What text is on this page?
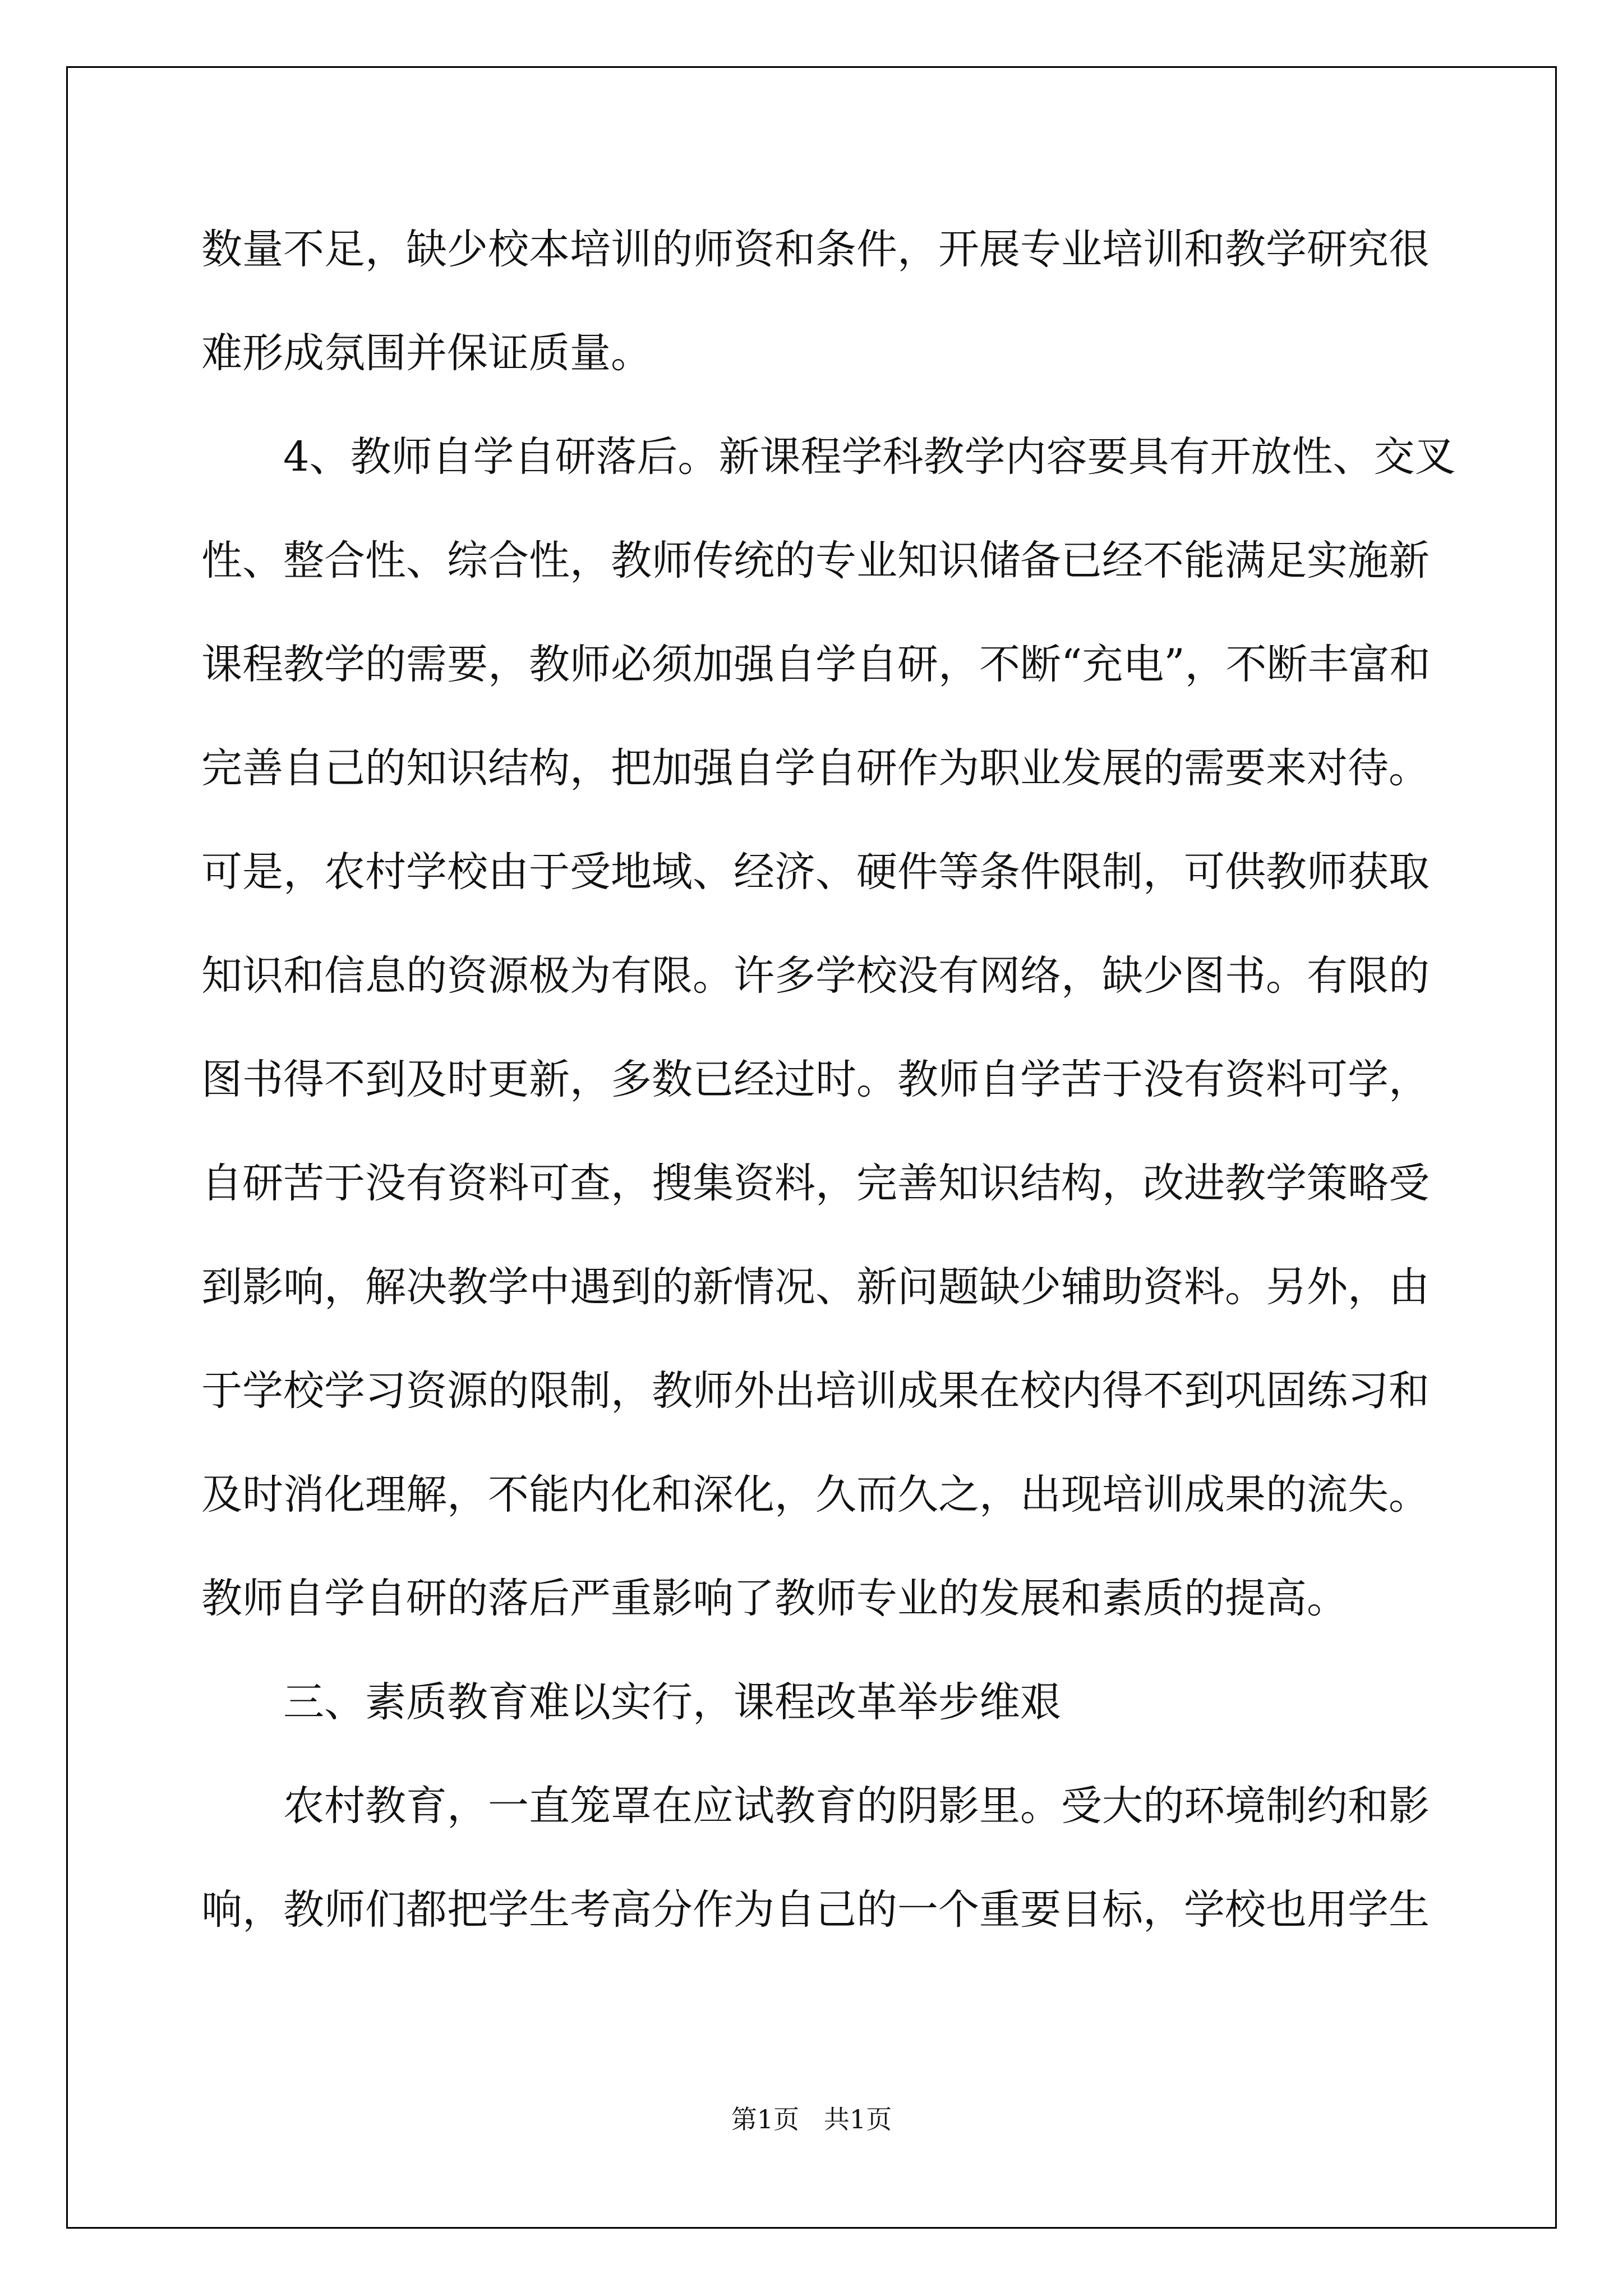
数量不足，缺少校本培训的师资和条件，开展专业培训和教学研究很

难形成氛围并保证质量。

4、教师自学自研落后。新课程学科教学内容要具有开放性、交叉

性、整合性、综合性，教师传统的专业知识储备已经不能满足实施新

课程教学的需要，教师必须加强自学自研，不断“充电”，不断丰富和

完善自己的知识结构，把加强自学自研作为职业发展的需要来对待。

可是，农村学校由于受地域、经济、硬件等条件限制，可供教师获取

知识和信息的资源极为有限。许多学校没有网络，缺少图书。有限的

图书得不到及时更新，多数已经过时。教师自学苦于没有资料可学，

自研苦于没有资料可查，搜集资料，完善知识结构，改进教学策略受

到影响，解决教学中遇到的新情况、新问题缺少辅助资料。另外，由

于学校学习资源的限制，教师外出培训成果在校内得不到巩固练习和

及时消化理解，不能内化和深化，久而久之，出现培训成果的流失。

教师自学自研的落后严重影响了教师专业的发展和素质的提高。

三、素质教育难以实行，课程改革举步维艰

农村教育，一直笼罩在应试教育的阴影里。受大的环境制约和影

响，教师们都把学生考高分作为自己的一个重要目标，学校也用学生

第1页   共1页
